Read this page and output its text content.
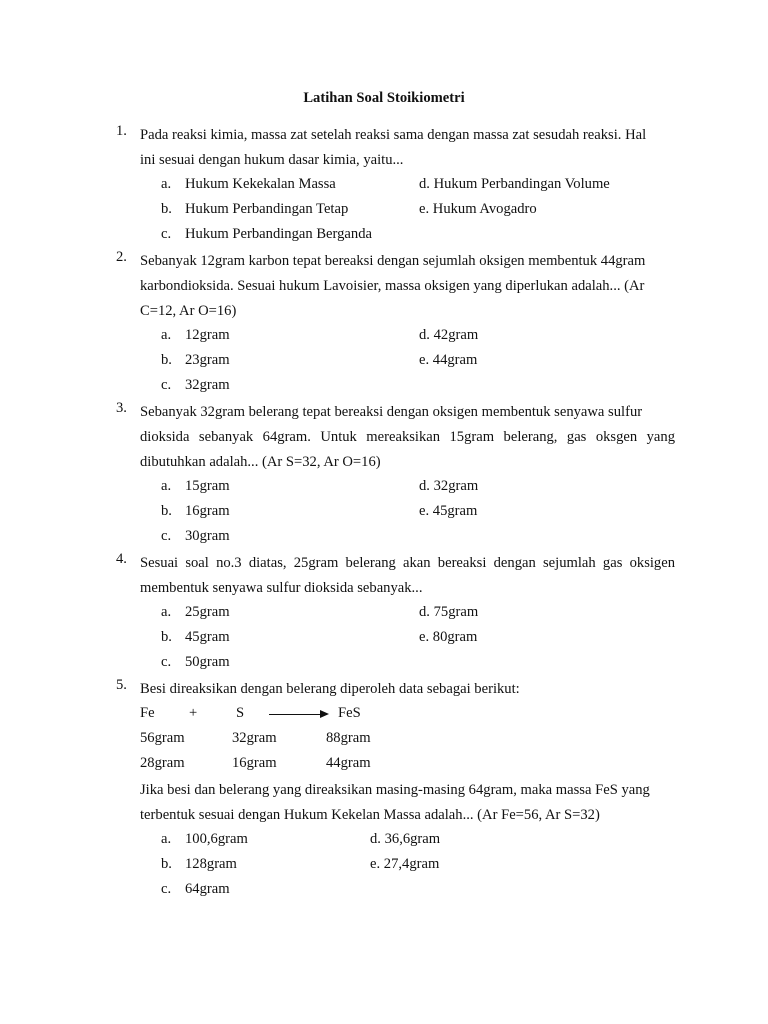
Latihan Soal Stoikiometri
1. Pada reaksi kimia, massa zat setelah reaksi sama dengan massa zat sesudah reaksi. Hal
ini sesuai dengan hukum dasar kimia, yaitu...
a. Hukum Kekekalan Massa
b. Hukum Perbandingan Tetap
c. Hukum Perbandingan Berganda
d. Hukum Perbandingan Volume
e. Hukum Avogadro
2. Sebanyak 12gram karbon tepat bereaksi dengan sejumlah oksigen membentuk 44gram
karbondioksida. Sesuai hukum Lavoisier, massa oksigen yang diperlukan adalah... (Ar
C=12, Ar O=16)
a. 12gram
b. 23gram
c. 32gram
d. 42gram
e. 44gram
3. Sebanyak 32gram belerang tepat bereaksi dengan oksigen membentuk senyawa sulfur
dioksida sebanyak 64gram. Untuk mereaksikan 15gram belerang, gas oksgen yang
dibutuhkan adalah... (Ar S=32, Ar O=16)
a. 15gram
b. 16gram
c. 30gram
d. 32gram
e. 45gram
4. Sesuai soal no.3 diatas, 25gram belerang akan bereaksi dengan sejumlah gas oksigen
membentuk senyawa sulfur dioksida sebanyak...
a. 25gram
b. 45gram
c. 50gram
d. 75gram
e. 80gram
5. Besi direaksikan dengan belerang diperoleh data sebagai berikut:
Fe +	S → FeS
56gram	32gram	88gram
28gram	16gram	44gram
Jika besi dan belerang yang direaksikan masing-masing 64gram, maka massa FeS yang
terbentuk sesuai dengan Hukum Kekelan Massa adalah... (Ar Fe=56, Ar S=32)
a. 100,6gram
b. 128gram
c. 64gram
d. 36,6gram
e. 27,4gram
